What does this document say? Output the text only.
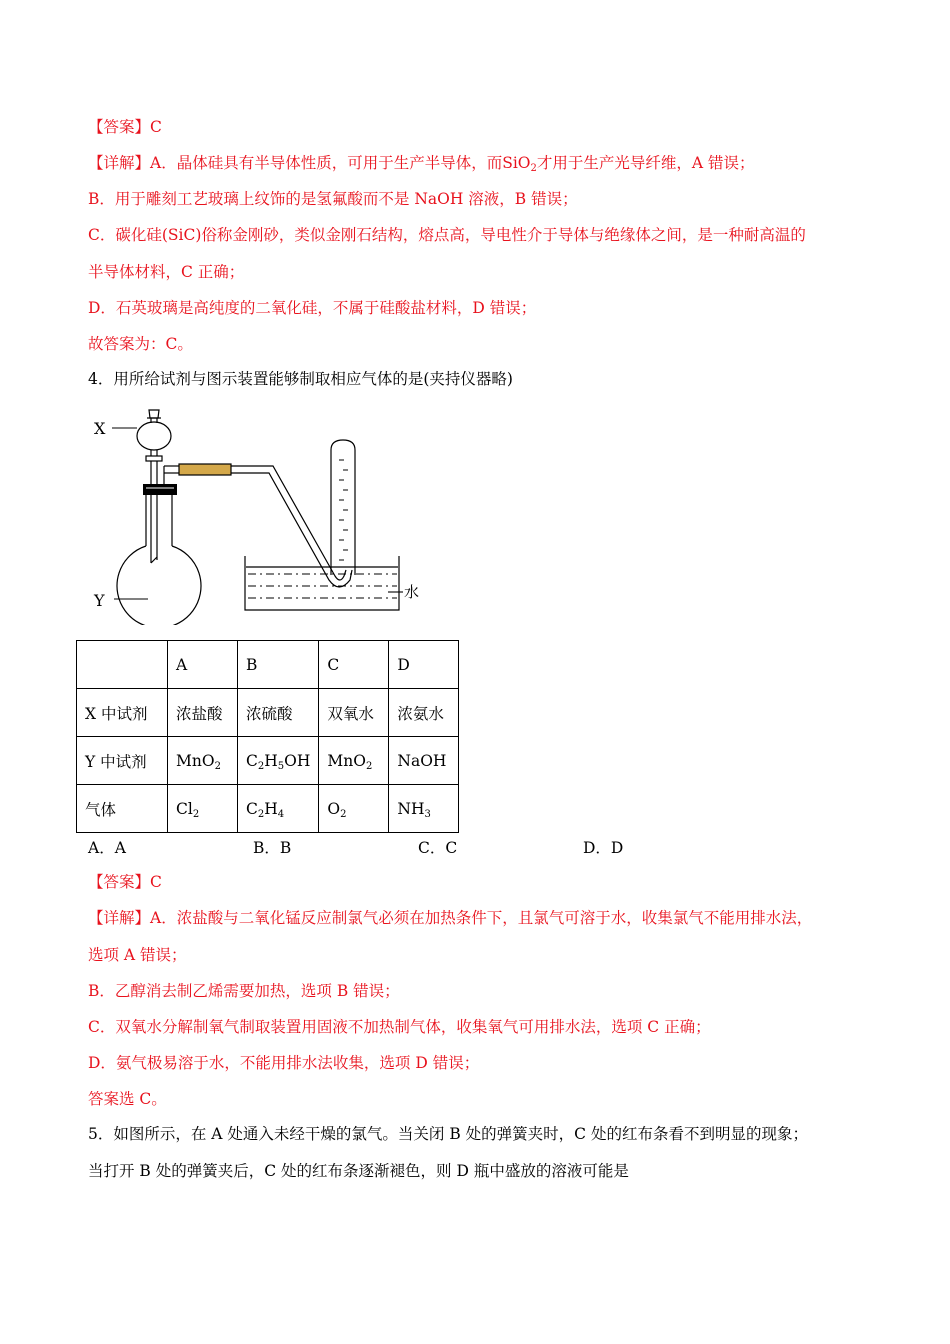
【答案】C
【详解】A．晶体硅具有半导体性质，可用于生产半导体，而SiO$_2$才用于生产光导纤维，A 错误；
B．用于雕刻工艺玻璃上纹饰的是氢氟酸而不是 NaOH 溶液，B 错误；
C．碳化硅(SiC)俗称金刚砂，类似金刚石结构，熔点高，导电性介于导体与绝缘体之间，是一种耐高温的
半导体材料，C 正确；
D．石英玻璃是高纯度的二氧化硅，不属于硅酸盐材料，D 错误；
故答案为：C。
4．用所给试剂与图示装置能够制取相应气体的是(夹持仪器略)
X
Y	水
	A	B	C	D
X 中试剂	浓盐酸	浓硫酸	双氧水	浓氨水
Y 中试剂	MnO$_2$	$C_2H_5OH$	MnO$_2$	NaOH
气体	$Cl_2$	$C_2H_4$	$O_2$	$NH_3$
A．A	B．B	C．C	D．D
【答案】C
【详解】A．浓盐酸与二氧化锰反应制氯气必须在加热条件下，且氯气可溶于水，收集氯气不能用排水法，
选项 A 错误；
B．乙醇消去制乙烯需要加热，选项 B 错误；
C．双氧水分解制氧气制取装置用固液不加热制气体，收集氧气可用排水法，选项 C 正确；
D．氨气极易溶于水，不能用排水法收集，选项 D 错误；
答案选 C。
5．如图所示，在 A 处通入未经干燥的氯气。当关闭 B 处的弹簧夹时，C 处的红布条看不到明显的现象；
当打开 B 处的弹簧夹后，C 处的红布条逐渐褪色，则 D 瓶中盛放的溶液可能是
